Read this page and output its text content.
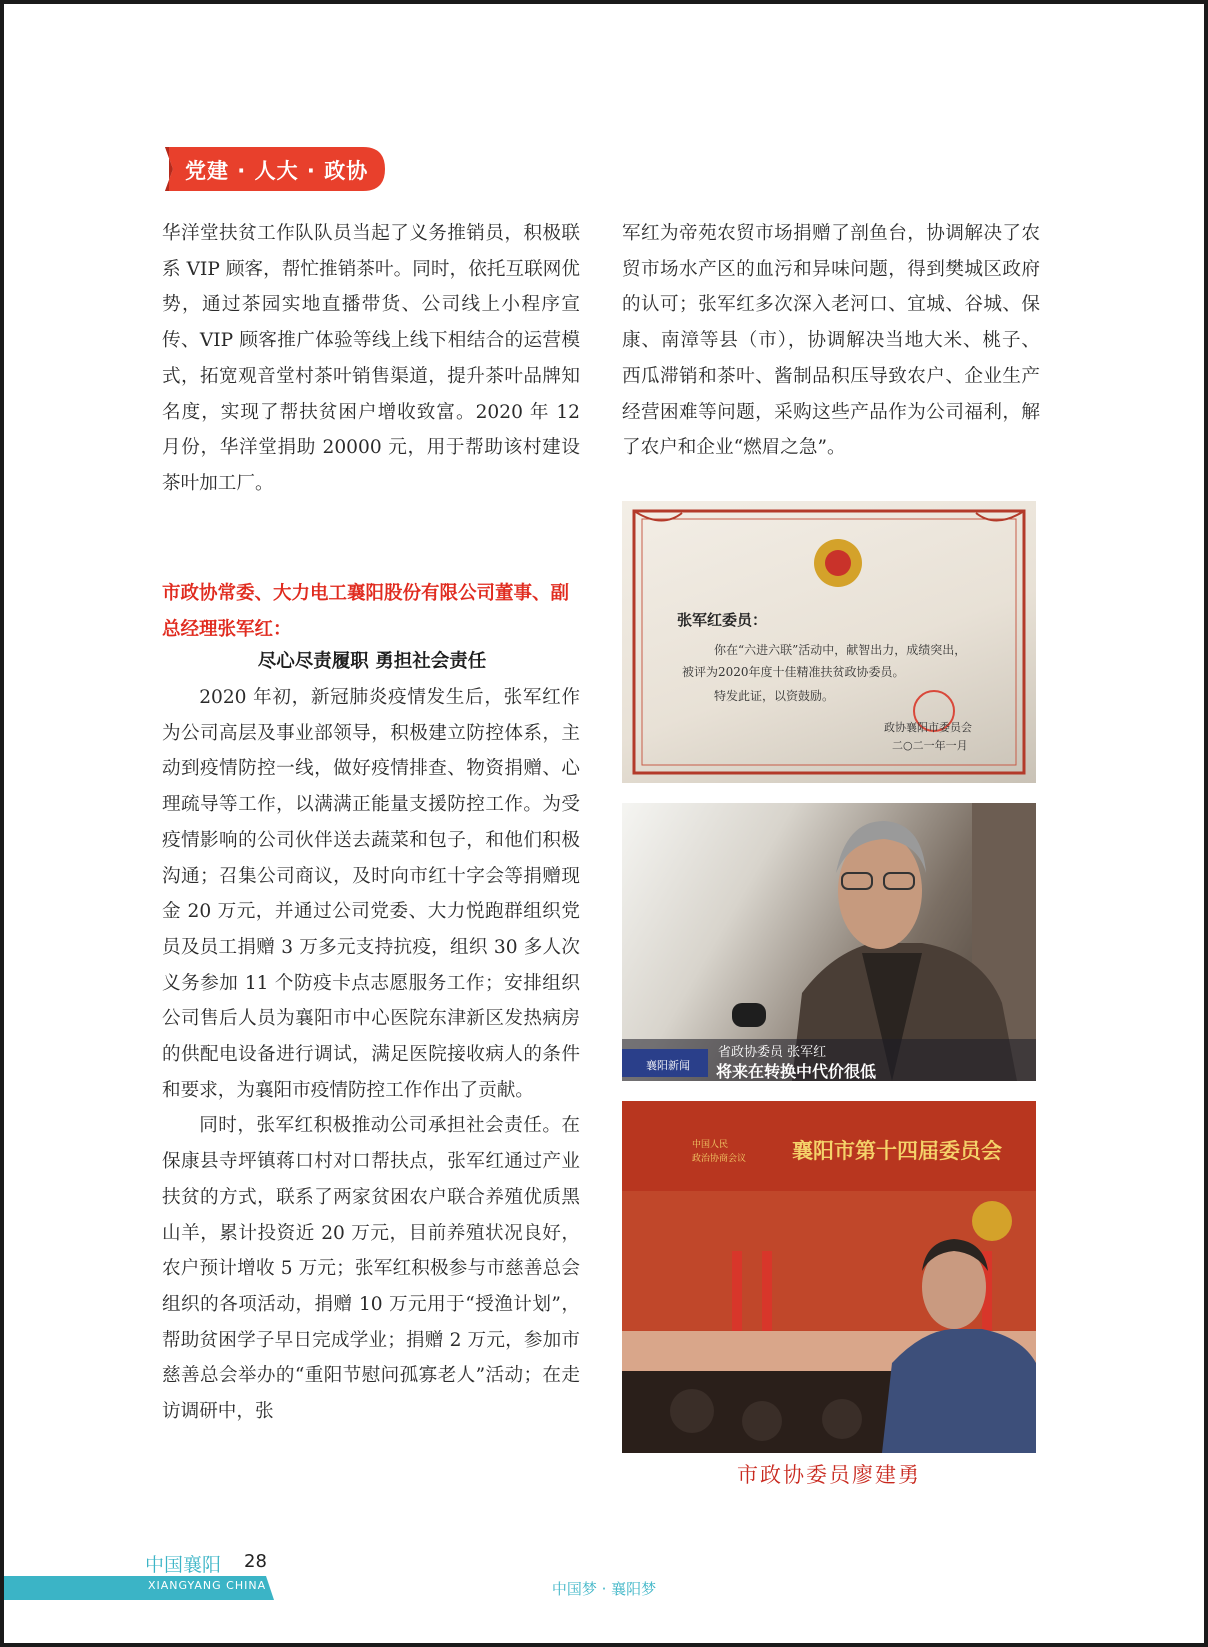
党建 · 人大 · 政协

华洋堂扶贫工作队队员当起了义务推销员，积极联系 VIP 顾客，帮忙推销茶叶。同时，依托互联网优势，通过茶园实地直播带货、公司线上小程序宣传、VIP 顾客推广体验等线上线下相结合的运营模式，拓宽观音堂村茶叶销售渠道，提升茶叶品牌知名度，实现了帮扶贫困户增收致富。2020 年 12 月份，华洋堂捐助 20000 元，用于帮助该村建设茶叶加工厂。

军红为帝苑农贸市场捐赠了剖鱼台，协调解决了农贸市场水产区的血污和异味问题，得到樊城区政府的认可；张军红多次深入老河口、宜城、谷城、保康、南漳等县（市），协调解决当地大米、桃子、西瓜滞销和茶叶、酱制品积压导致农户、企业生产经营困难等问题，采购这些产品作为公司福利，解了农户和企业“燃眉之急”。

市政协常委、大力电工襄阳股份有限公司董事、副总经理张军红：
尽心尽责履职 勇担社会责任

2020 年初，新冠肺炎疫情发生后，张军红作为公司高层及事业部领导，积极建立防控体系，主动到疫情防控一线，做好疫情排查、物资捐赠、心理疏导等工作，以满满正能量支援防控工作。为受疫情影响的公司伙伴送去蔬菜和包子，和他们积极沟通；召集公司商议，及时向市红十字会等捐赠现金 20 万元，并通过公司党委、大力悦跑群组织党员及员工捐赠 3 万多元支持抗疫，组织 30 多人次义务参加 11 个防疫卡点志愿服务工作；安排组织公司售后人员为襄阳市中心医院东津新区发热病房的供配电设备进行调试，满足医院接收病人的条件和要求，为襄阳市疫情防控工作作出了贡献。

同时，张军红积极推动公司承担社会责任。在保康县寺坪镇蒋口村对口帮扶点，张军红通过产业扶贫的方式，联系了两家贫困农户联合养殖优质黑山羊，累计投资近 20 万元，目前养殖状况良好，农户预计增收 5 万元；张军红积极参与市慈善总会组织的各项活动，捐赠 10 万元用于“授渔计划”，帮助贫困学子早日完成学业；捐赠 2 万元，参加市慈善总会举办的“重阳节慰问孤寡老人”活动；在走访调研中，张

张军红委员：
你在“六进六联”活动中，献智出力，成绩突出，
被评为2020年度十佳精准扶贫政协委员。
特发此证，以资鼓励。
政协襄阳市委员会
二○二一年一月
襄阳新闻
省政协委员 张军红
将来在转换中代价很低
中国人民
政治协商会议 襄阳市第十四届委员会
市政协委员廖建勇
中国襄阳 28
XIANGYANG CHINA	中国梦 · 襄阳梦
